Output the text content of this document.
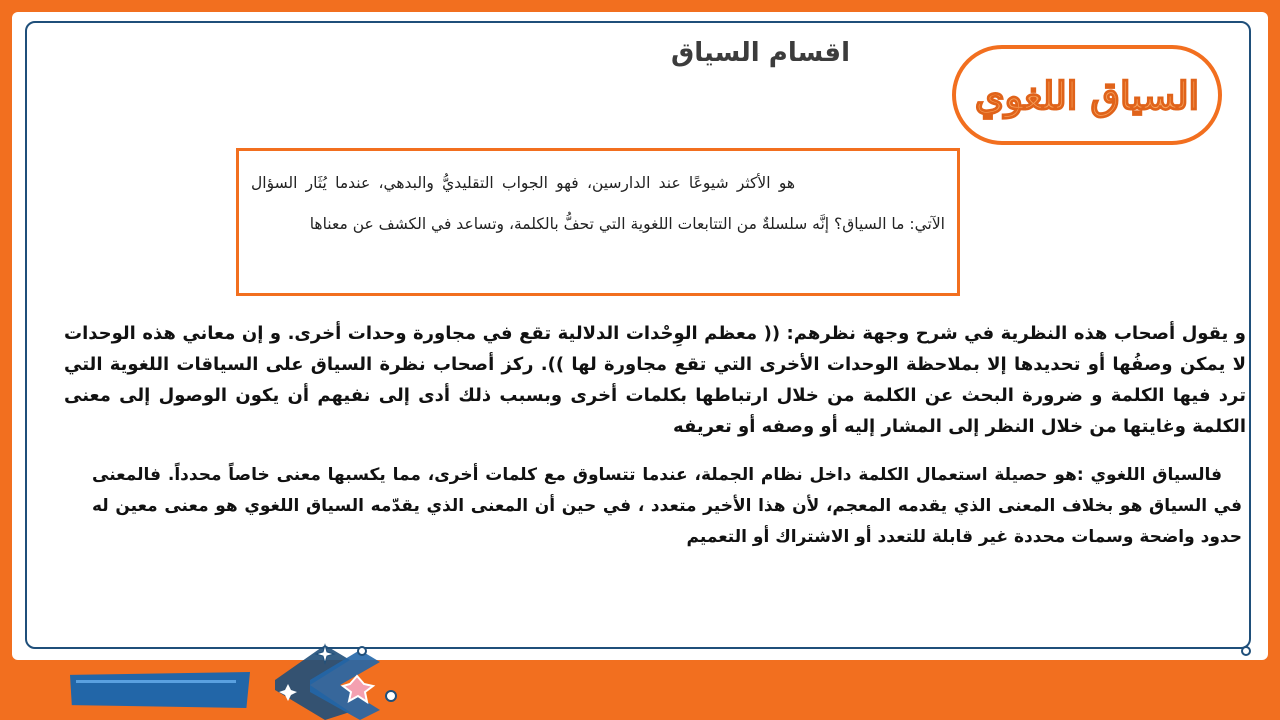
اقسام السياق
السياق اللغوي
هو الأكثر شيوعًا عند الدارسين، فهو الجواب التقليديُّ والبدهي، عندما يُثَار السؤال الآتي: ما السياق؟ إنَّه سلسلةٌ من التتابعات اللغوية التي تحفُّ بالكلمة، وتساعد في الكشف عن معناها
و يقول أصحاب هذه النظرية في شرح وجهة نظرهم: (( معظم الوِحْدات الدلالية تقع في مجاورة وحدات أخرى. و إن معاني هذه الوحدات لا يمكن وصفُها أو تحديدها إلا بملاحظة الوحدات الأخرى التي تقع مجاورة لها )). ركز أصحاب نظرة السياق على السياقات اللغوية التي ترد فيها الكلمة و ضرورة البحث عن الكلمة من خلال ارتباطها بكلمات أخرى وبسبب ذلك أدى إلى نفيهم أن يكون الوصول إلى معنى الكلمة وغايتها من خلال النظر إلى المشار إليه أو وصفه أو تعريفه
فالسياق اللغوي :هو حصيلة استعمال الكلمة داخل نظام الجملة، عندما تتساوق مع كلمات أخرى، مما يكسبها معنى خاصاً محدداً. فالمعنى في السياق هو بخلاف المعنى الذي يقدمه المعجم، لأن هذا الأخير متعدد ، في حين أن المعنى الذي يقدّمه السياق اللغوي هو معنى معين له حدود واضحة وسمات محددة غير قابلة للتعدد أو الاشتراك أو التعميم
